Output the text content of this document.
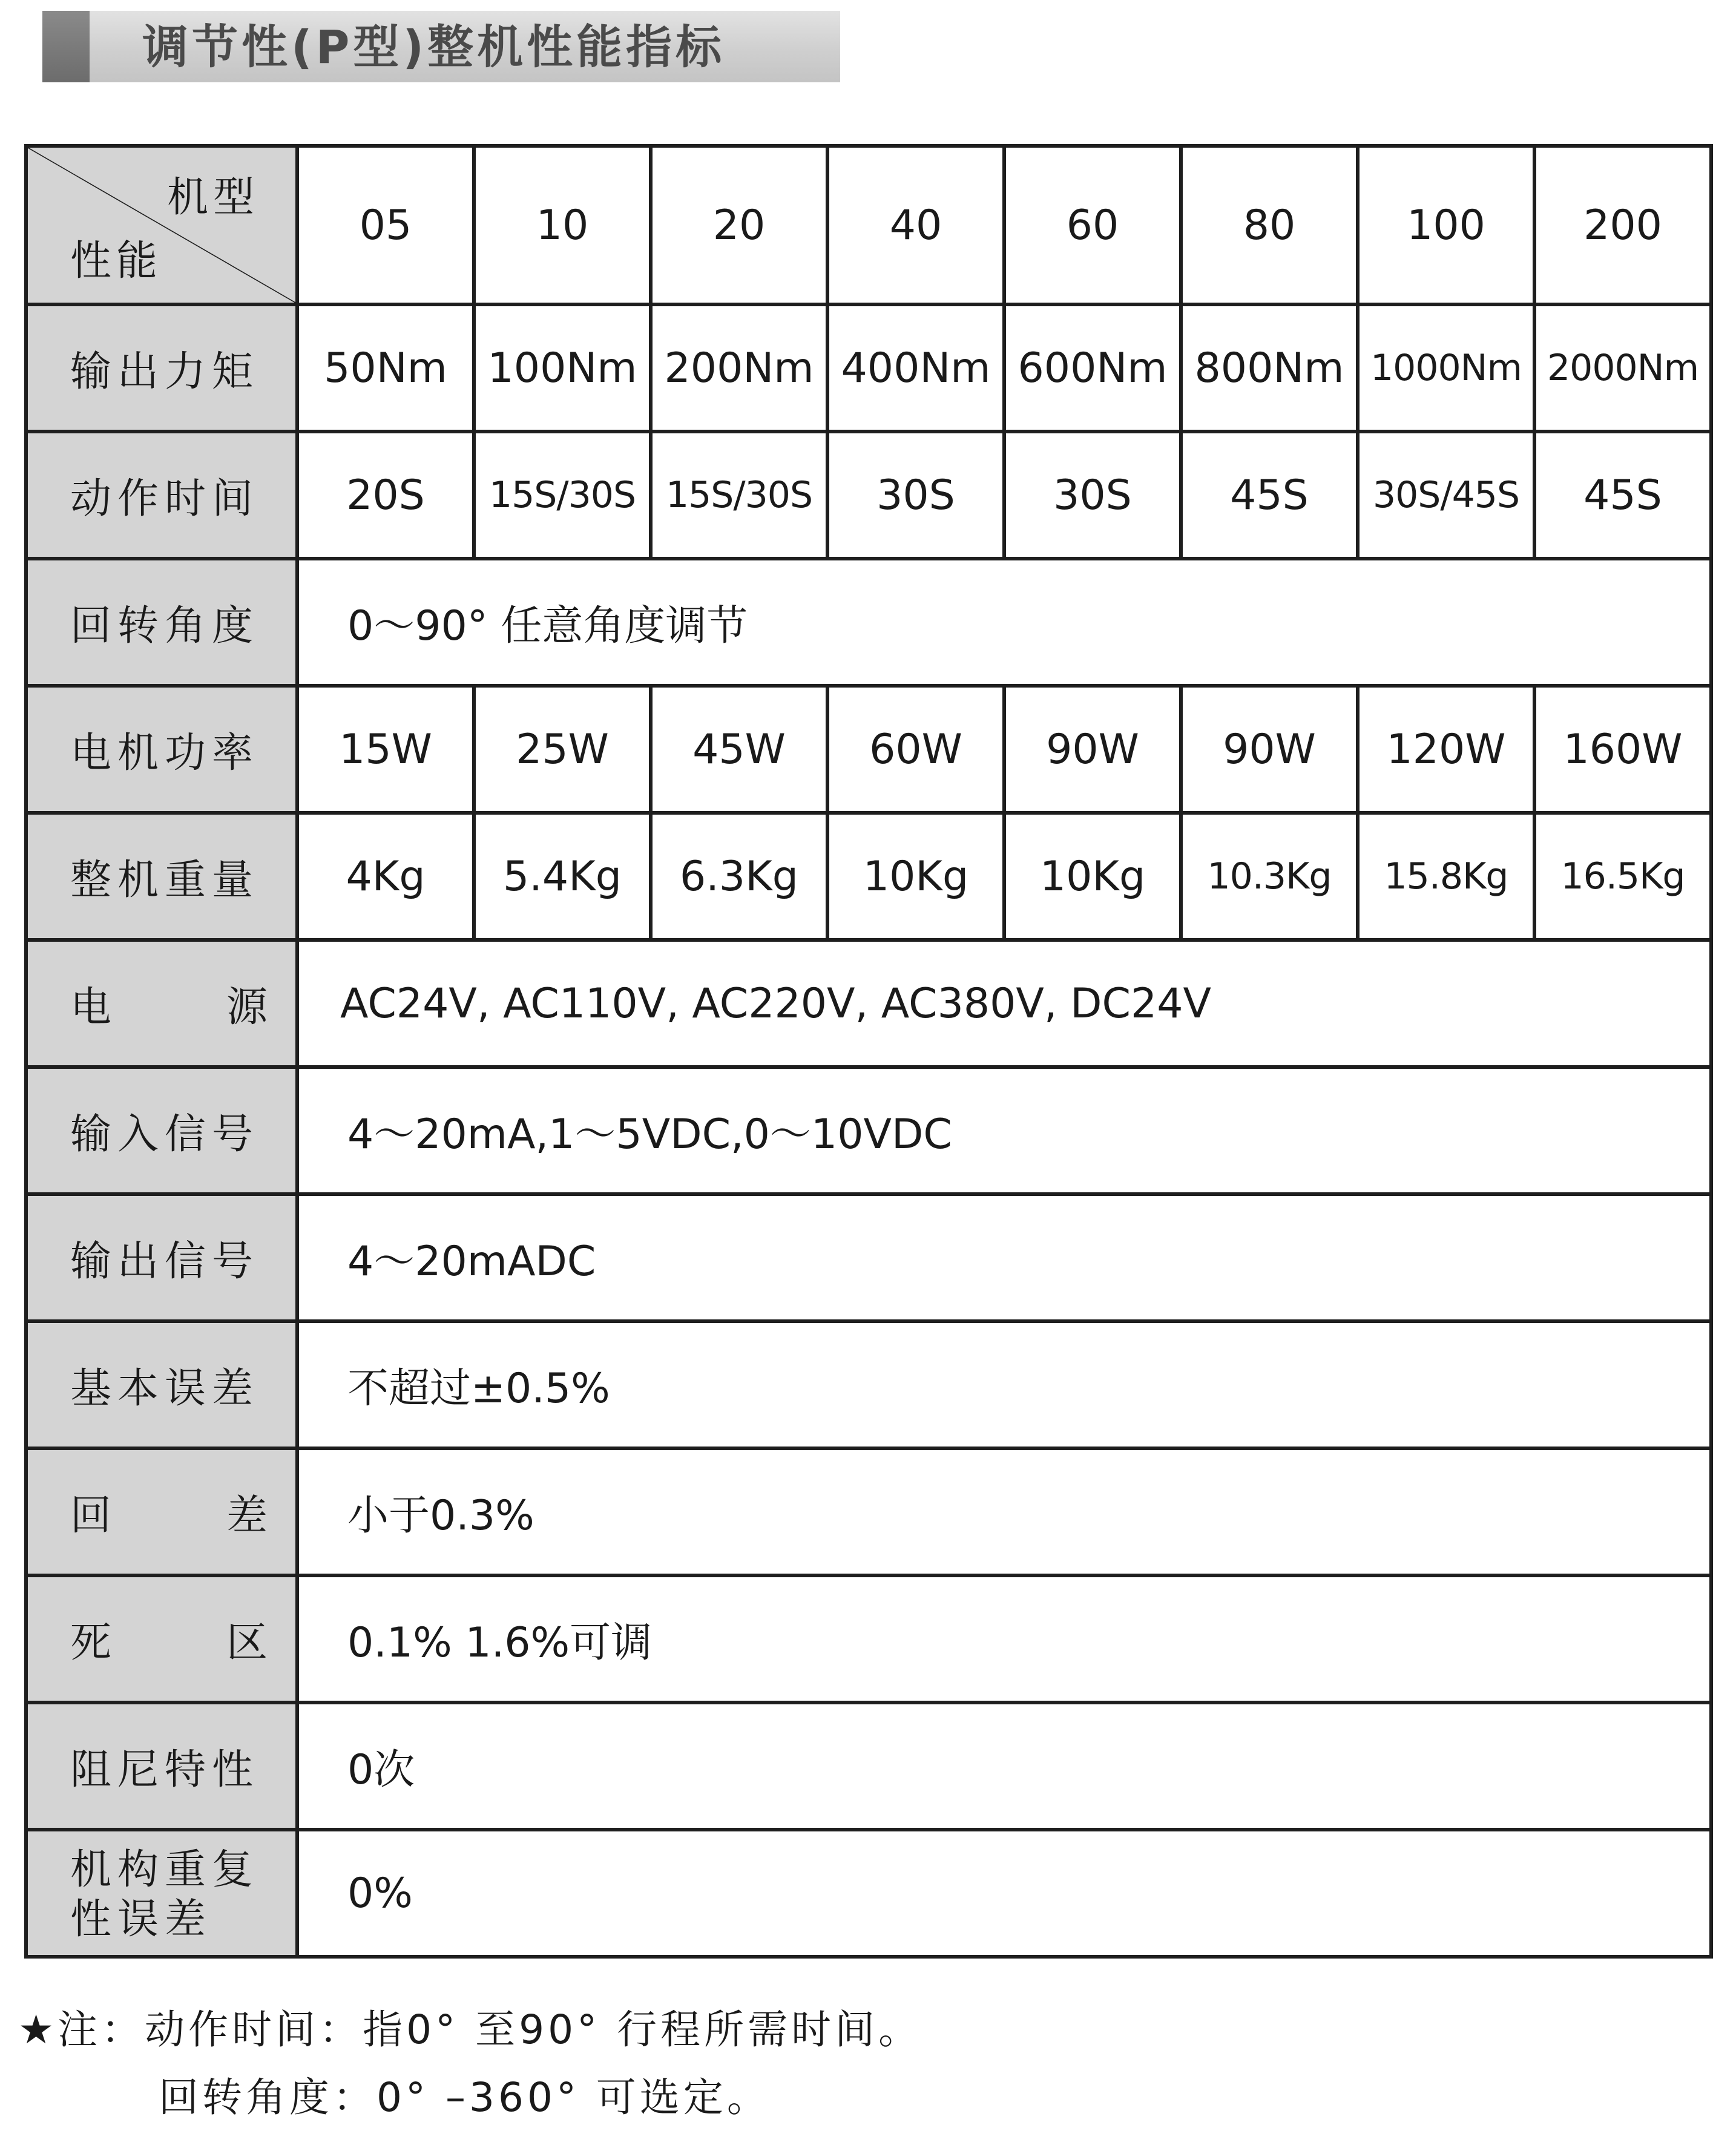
调节性(P型)整机性能指标
机型
性能	05	10	20	40	60	80	100	200
输出力矩	50Nm	100Nm	200Nm	400Nm	600Nm	800Nm	1000Nm	2000Nm
动作时间	20S	15S/30S	15S/30S	30S	30S	45S	30S/45S	45S
回转角度	0～90° 任意角度调节							
电机功率	15W	25W	45W	60W	90W	90W	120W	160W
整机重量	4Kg	5.4Kg	6.3Kg	10Kg	10Kg	10.3Kg	15.8Kg	16.5Kg
电 源	AC24V, AC110V, AC220V, AC380V, DC24V							
输入信号	4～20mA,1～5VDC,0～10VDC							
输出信号	4～20mADC							
基本误差	不超过±0.5%							
回 差	小于0.3%							
死 区	0.1% 1.6%可调							
阻尼特性	0次							

机构重复
性误差	0%							
★注：动作时间：指0° 至90° 行程所需时间。
回转角度：0° –360° 可选定。
